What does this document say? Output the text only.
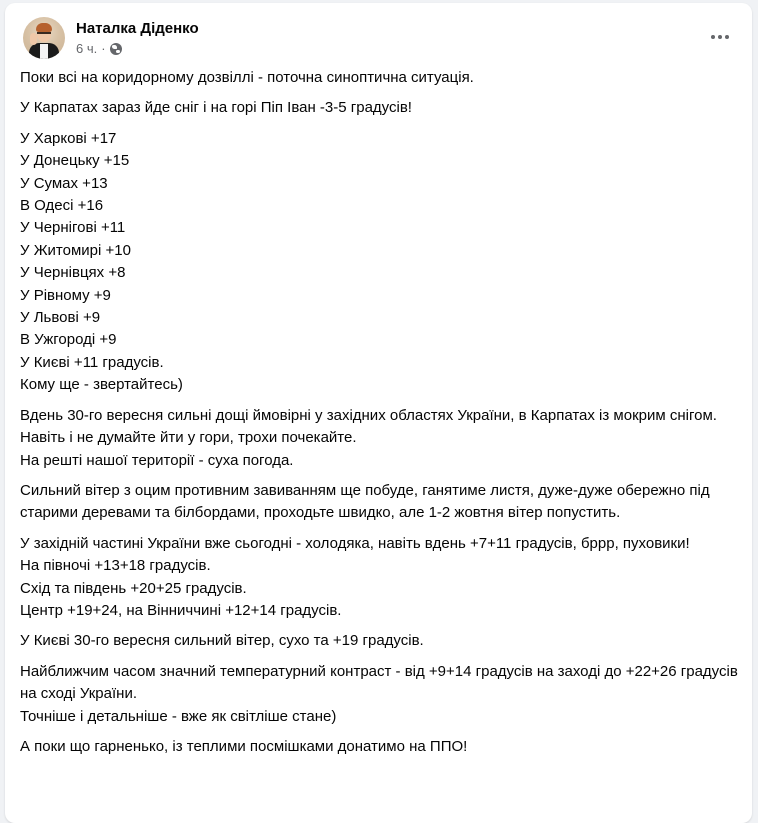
Наталка Діденко
6 ч. ·

Поки всі на коридорному дозвіллі - поточна синоптична ситуація.

У Карпатах зараз йде сніг і на горі Піп Іван -3-5 градусів!

У Харкові +17
У Донецьку +15
У Сумах +13
В Одесі +16
У Чернігові +11
У Житомирі +10
У Чернівцях +8
У Рівному +9
У Львові +9
В Ужгороді +9
У Києві +11 градусів.
Кому ще - звертайтесь)

Вдень 30-го вересня сильні дощі ймовірні у західних областях України, в Карпатах із мокрим снігом. Навіть і не думайте йти у гори, трохи почекайте.
На решті нашої території - суха погода.

Сильний вітер з оцим противним завиванням ще побуде, ганятиме листя, дуже-дуже обережно під старими деревами та білбордами, проходьте швидко, але 1-2 жовтня вітер попустить.

У західній частині України вже сьогодні - холодяка, навіть вдень +7+11 градусів, бррр, пуховики!
На півночі +13+18 градусів.
Схід та південь +20+25 градусів.
Центр +19+24, на Вінниччині +12+14 градусів.

У Києві 30-го вересня сильний вітер, сухо та +19 градусів.

Найближчим часом значний температурний контраст - від +9+14 градусів на заході до +22+26 градусів на сході України.
Точніше і детальніше - вже як світліше стане)

А поки що гарненько, із теплими посмішками донатимо на ППО!
